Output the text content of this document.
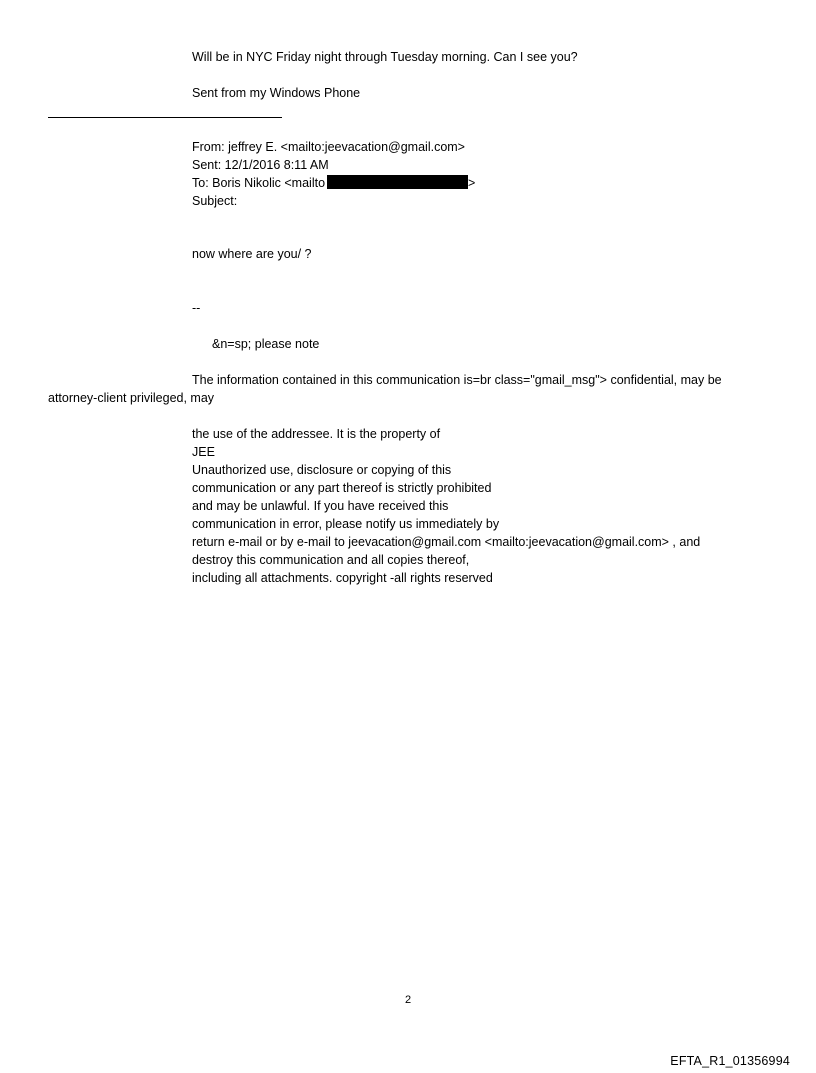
Will be in NYC Friday night through Tuesday morning. Can I see you?
Sent from my Windows Phone
From: jeffrey E. <mailto:jeevacation@gmail.com>
Sent: 12/1/2016 8:11 AM
To: Boris Nikolic <mailto	>
Subject:
now where are you/ ?
--
&n=sp; please note
The information contained in this communication is=br class="gmail_msg"> confidential, may be
attorney-client privileged, may
the use of the addressee. It is the property of
JEE
Unauthorized use, disclosure or copying of this
communication or any part thereof is strictly prohibited
and may be unlawful. If you have received this
communication in error, please notify us immediately by
return e-mail or by e-mail to jeevacation@gmail.com <mailto:jeevacation@gmail.com> , and
destroy this communication and all copies thereof,
including all attachments. copyright -all rights reserved
2
EFTA_R1_01356994
